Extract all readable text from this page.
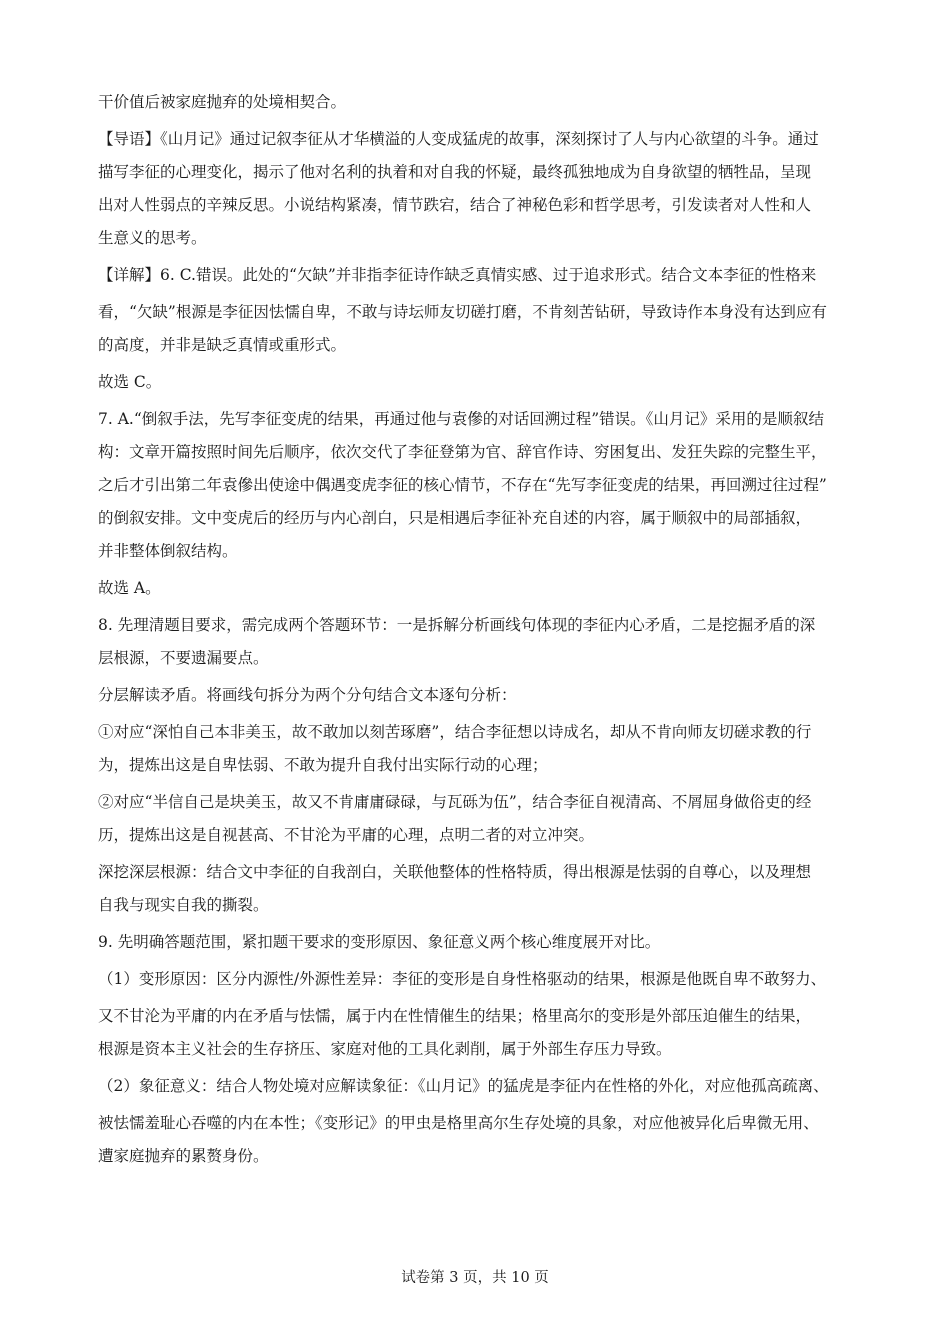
干价值后被家庭抛弃的处境相契合。

【导语】《山月记》通过记叙李征从才华横溢的人变成猛虎的故事，深刻探讨了人与内心欲望的斗争。通过

描写李征的心理变化，揭示了他对名利的执着和对自我的怀疑，最终孤独地成为自身欲望的牺牲品，呈现

出对人性弱点的辛辣反思。小说结构紧凑，情节跌宕，结合了神秘色彩和哲学思考，引发读者对人性和人

生意义的思考。

【详解】6. C.错误。此处的“欠缺”并非指李征诗作缺乏真情实感、过于追求形式。结合文本李征的性格来

看，“欠缺”根源是李征因怯懦自卑，不敢与诗坛师友切磋打磨，不肯刻苦钻研，导致诗作本身没有达到应有

的高度，并非是缺乏真情或重形式。

故选 C。

7. A.“倒叙手法，先写李征变虎的结果，再通过他与袁傪的对话回溯过程”错误。《山月记》采用的是顺叙结

构：文章开篇按照时间先后顺序，依次交代了李征登第为官、辞官作诗、穷困复出、发狂失踪的完整生平，

之后才引出第二年袁傪出使途中偶遇变虎李征的核心情节，不存在“先写李征变虎的结果，再回溯过往过程”

的倒叙安排。文中变虎后的经历与内心剖白，只是相遇后李征补充自述的内容，属于顺叙中的局部插叙，

并非整体倒叙结构。

故选 A。

8. 先理清题目要求，需完成两个答题环节：一是拆解分析画线句体现的李征内心矛盾，二是挖掘矛盾的深

层根源，不要遗漏要点。

分层解读矛盾。将画线句拆分为两个分句结合文本逐句分析：

①对应“深怕自己本非美玉，故不敢加以刻苦琢磨”，结合李征想以诗成名，却从不肯向师友切磋求教的行

为，提炼出这是自卑怯弱、不敢为提升自我付出实际行动的心理；

②对应“半信自己是块美玉，故又不肯庸庸碌碌，与瓦砾为伍”，结合李征自视清高、不屑屈身做俗吏的经

历，提炼出这是自视甚高、不甘沦为平庸的心理，点明二者的对立冲突。

深挖深层根源：结合文中李征的自我剖白，关联他整体的性格特质，得出根源是怯弱的自尊心，以及理想

自我与现实自我的撕裂。

9. 先明确答题范围，紧扣题干要求的变形原因、象征意义两个核心维度展开对比。

（1）变形原因：区分内源性/外源性差异：李征的变形是自身性格驱动的结果，根源是他既自卑不敢努力、

又不甘沦为平庸的内在矛盾与怯懦，属于内在性情催生的结果；格里高尔的变形是外部压迫催生的结果，

根源是资本主义社会的生存挤压、家庭对他的工具化剥削，属于外部生存压力导致。

（2）象征意义：结合人物处境对应解读象征：《山月记》的猛虎是李征内在性格的外化，对应他孤高疏离、

被怯懦羞耻心吞噬的内在本性；《变形记》的甲虫是格里高尔生存处境的具象，对应他被异化后卑微无用、

遭家庭抛弃的累赘身份。

试卷第 3 页，共 10 页
